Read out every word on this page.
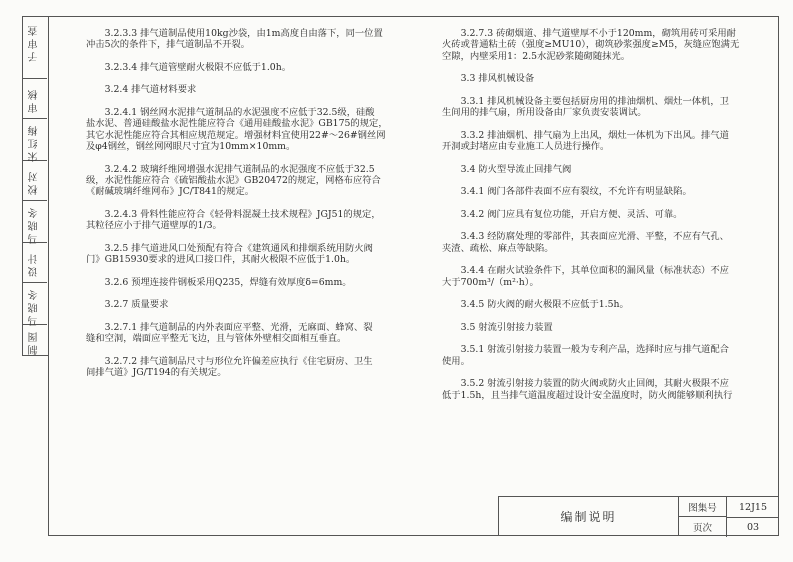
子审查
审核
宋红梅
校对
马晓冬
设计
马晓冬
制图

3.2.3.3 排气道制品使用10kg沙袋，由1m高度自由落下，同一位置

冲击5次的条件下，排气道制品不开裂。

3.2.3.4 排气道管壁耐火极限不应低于1.0h。

3.2.4 排气道材料要求

3.2.4.1 钢丝网水泥排气道制品的水泥强度不应低于32.5级，硅酸

盐水泥、普通硅酸盐水泥性能应符合《通用硅酸盐水泥》GB175的规定，

其它水泥性能应符合其相应规范规定。增强材料宜使用22#～26#钢丝网

及φ4钢丝，钢丝网网眼尺寸宜为10mm×10mm。

3.2.4.2 玻璃纤维网增强水泥排气道制品的水泥强度不应低于32.5

级，水泥性能应符合《硫铝酸盐水泥》GB20472的规定，网格布应符合

《耐碱玻璃纤维网布》JC/T841的规定。

3.2.4.3 骨料性能应符合《轻骨料混凝土技术规程》JGJ51的规定，

其粒径应小于排气道壁厚的1/3。

3.2.5 排气道进风口处预配有符合《建筑通风和排烟系统用防火阀

门》GB15930要求的进风口接口件，其耐火极限不应低于1.0h。

3.2.6 预埋连接件钢板采用Q235，焊缝有效厚度δ=6mm。

3.2.7 质量要求

3.2.7.1 排气道制品的内外表面应平整、光滑，无麻面、蜂窝、裂

缝和空洞，端面应平整无飞边，且与管体外壁相交面相互垂直。

3.2.7.2 排气道制品尺寸与形位允许偏差应执行《住宅厨房、卫生

间排气道》JG/T194的有关规定。

3.2.7.3 砖砌烟道、排气道壁厚不小于120mm，砌筑用砖可采用耐

火砖或普通粘土砖（强度≥MU10），砌筑砂浆强度≥M5，灰缝应饱满无

空隙，内壁采用1：2.5水泥砂浆随砌随抹光。

3.3 排风机械设备

3.3.1 排风机械设备主要包括厨房用的排油烟机、烟灶一体机，卫

生间用的排气扇，所用设备由厂家负责安装调试。

3.3.2 排油烟机、排气扇为上出风，烟灶一体机为下出风。排气道

开洞或封堵应由专业施工人员进行操作。

3.4 防火型导流止回排气阀

3.4.1 阀门各部件表面不应有裂纹，不允许有明显缺陷。

3.4.2 阀门应具有复位功能，开启方便、灵活、可靠。

3.4.3 经防腐处理的零部件，其表面应光滑、平整，不应有气孔、

夹渣、疏松、麻点等缺陷。

3.4.4 在耐火试验条件下，其单位面积的漏风量（标准状态）不应

大于700m³/（m²·h）。

3.4.5 防火阀的耐火极限不应低于1.5h。

3.5 射流引射接力装置

3.5.1 射流引射接力装置一般为专利产品，选择时应与排气道配合

使用。

3.5.2 射流引射接力装置的防火阀或防火止回阀，其耐火极限不应

低于1.5h，且当排气道温度超过设计安全温度时，防火阀能够顺利执行

编制说明
图集号	12J15
页次	03
